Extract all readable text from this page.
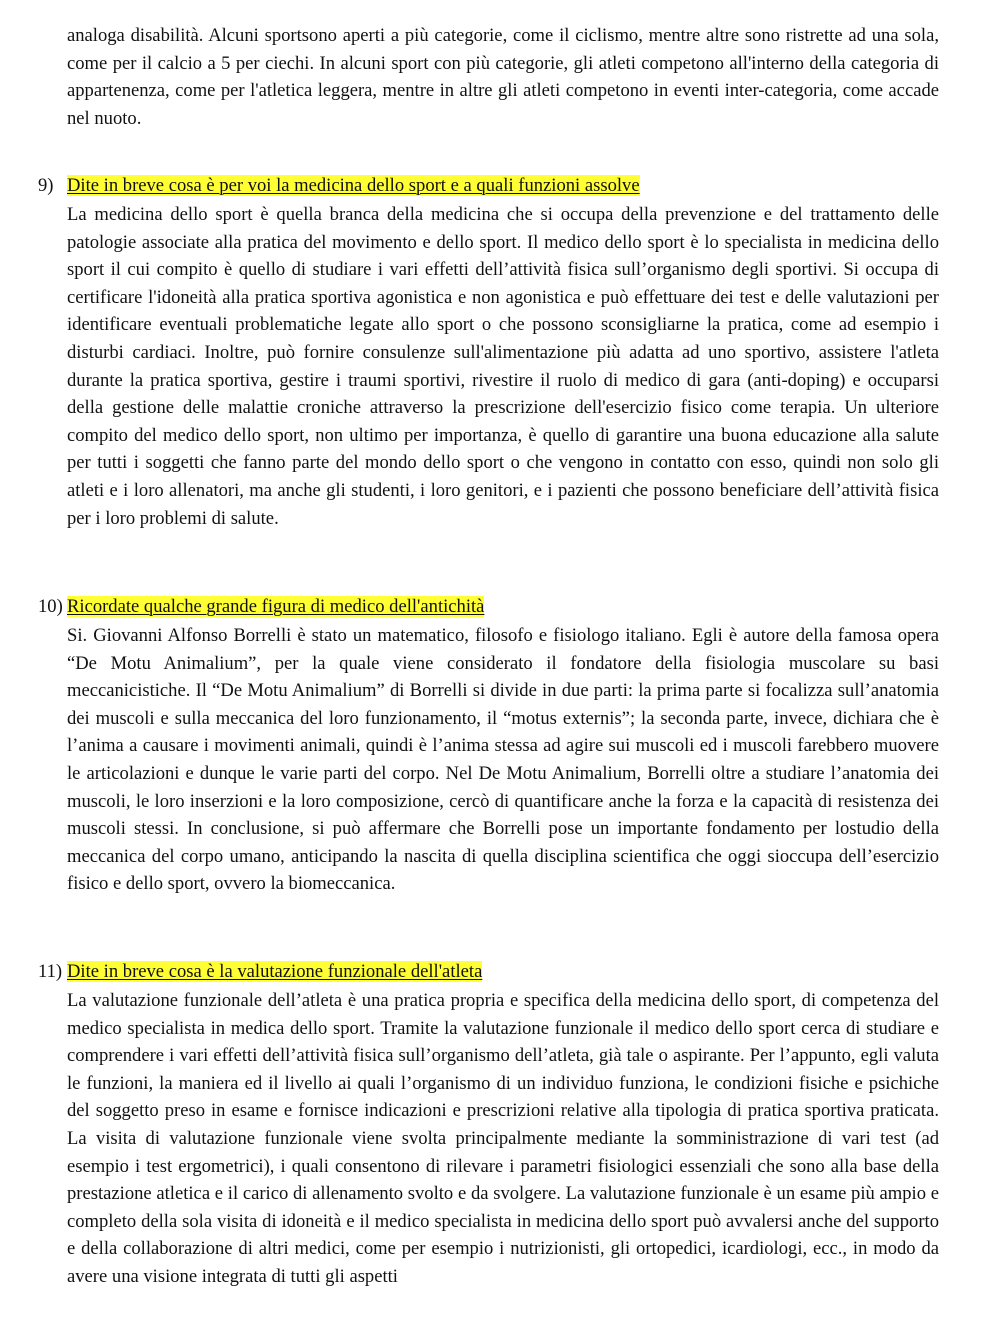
analoga disabilità. Alcuni sportsono aperti a più categorie, come il ciclismo, mentre altre sono ristrette ad una sola, come per il calcio a 5 per ciechi. In alcuni sport con più categorie, gli atleti competono all'interno della categoria di appartenenza, come per l'atletica leggera, mentre in altre gli atleti competono in eventi inter-categoria, come accade nel nuoto.

9) Dite in breve cosa è per voi la medicina dello sport e a quali funzioni assolve

La medicina dello sport è quella branca della medicina che si occupa della prevenzione e del trattamento delle patologie associate alla pratica del movimento e dello sport. Il medico dello sport è lo specialista in medicina dello sport il cui compito è quello di studiare i vari effetti dell’attività fisica sull’organismo degli sportivi. Si occupa di certificare l'idoneità alla pratica sportiva agonistica e non agonistica e può effettuare dei test e delle valutazioni per identificare eventuali problematiche legate allo sport o che possono sconsigliarne la pratica, come ad esempio i disturbi cardiaci. Inoltre, può fornire consulenze sull'alimentazione più adatta ad uno sportivo, assistere l'atleta durante la pratica sportiva, gestire i traumi sportivi, rivestire il ruolo di medico di gara (anti-doping) e occuparsi della gestione delle malattie croniche attraverso la prescrizione dell'esercizio fisico come terapia. Un ulteriore compito del medico dello sport, non ultimo per importanza, è quello di garantire una buona educazione alla salute per tutti i soggetti che fanno parte del mondo dello sport o che vengono in contatto con esso, quindi non solo gli atleti e i loro allenatori, ma anche gli studenti, i loro genitori, e i pazienti che possono beneficiare dell’attività fisica per i loro problemi di salute.

10) Ricordate qualche grande figura di medico dell'antichità

Si. Giovanni Alfonso Borrelli è stato un matematico, filosofo e fisiologo italiano. Egli è autore della famosa opera “De Motu Animalium”, per la quale viene considerato il fondatore della fisiologia muscolare su basi meccanicistiche. Il “De Motu Animalium” di Borrelli si divide in due parti: la prima parte si focalizza sull’anatomia dei muscoli e sulla meccanica del loro funzionamento, il “motus externis”; la seconda parte, invece, dichiara che è l’anima a causare i movimenti animali, quindi è l’anima stessa ad agire sui muscoli ed i muscoli farebbero muovere le articolazioni e dunque le varie parti del corpo. Nel De Motu Animalium, Borrelli oltre a studiare l’anatomia dei muscoli, le loro inserzioni e la loro composizione, cercò di quantificare anche la forza e la capacità di resistenza dei muscoli stessi. In conclusione, si può affermare che Borrelli pose un importante fondamento per lostudio della meccanica del corpo umano, anticipando la nascita di quella disciplina scientifica che oggi sioccupa dell’esercizio fisico e dello sport, ovvero la biomeccanica.

11) Dite in breve cosa è la valutazione funzionale dell'atleta

La valutazione funzionale dell’atleta è una pratica propria e specifica della medicina dello sport, di competenza del medico specialista in medica dello sport. Tramite la valutazione funzionale il medico dello sport cerca di studiare e comprendere i vari effetti dell’attività fisica sull’organismo dell’atleta, già tale o aspirante. Per l’appunto, egli valuta le funzioni, la maniera ed il livello ai quali l’organismo di un individuo funziona, le condizioni fisiche e psichiche del soggetto preso in esame e fornisce indicazioni e prescrizioni relative alla tipologia di pratica sportiva praticata. La visita di valutazione funzionale viene svolta principalmente mediante la somministrazione di vari test (ad esempio i test ergometrici), i quali consentono di rilevare i parametri fisiologici essenziali che sono alla base della prestazione atletica e il carico di allenamento svolto e da svolgere. La valutazione funzionale è un esame più ampio e completo della sola visita di idoneità e il medico specialista in medicina dello sport può avvalersi anche del supporto e della collaborazione di altri medici, come per esempio i nutrizionisti, gli ortopedici, icardiologi, ecc., in modo da avere una visione integrata di tutti gli aspetti
